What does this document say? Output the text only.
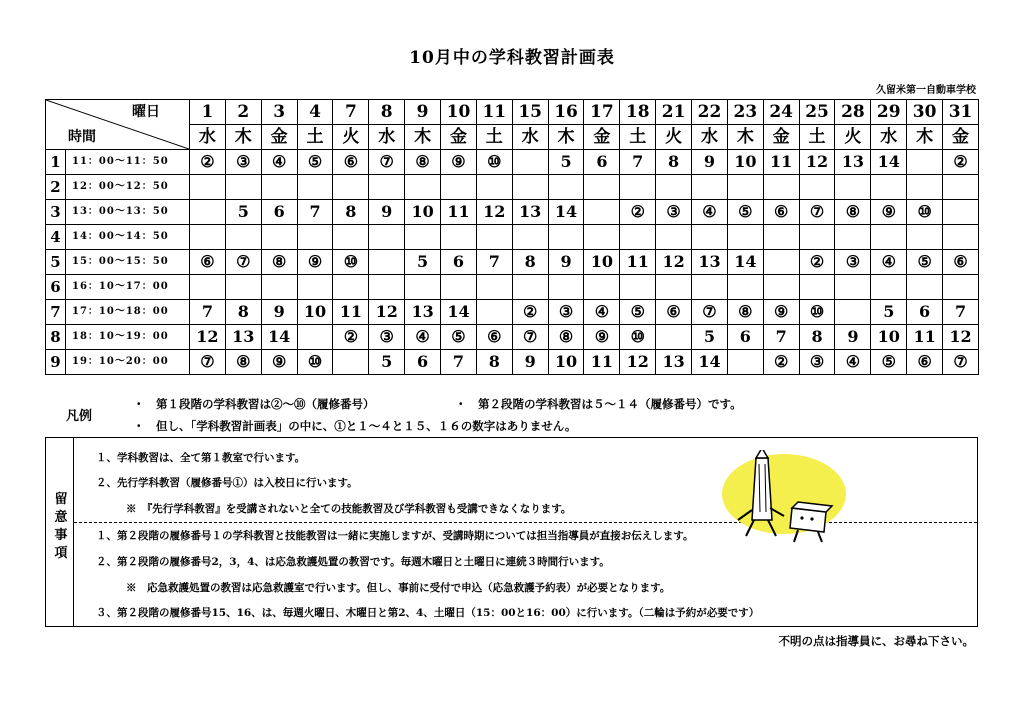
10月中の学科教習計画表
久留米第一自動車学校
曜日
時間		1	2	3	4	7	8	9	10	11	15	16	17	18	21	22	23	24	25	28	29	30	31
		水	木	金	土	火	水	木	金	土	水	木	金	土	火	水	木	金	土	火	水	木	金
1	11：00～11：50	②	③	④	⑤	⑥	⑦	⑧	⑨	⑩		5	6	7	8	9	10	11	12	13	14		②
2	12：00～12：50																						
3	13：00～13：50		5	6	7	8	9	10	11	12	13	14		②	③	④	⑤	⑥	⑦	⑧	⑨	⑩	
4	14：00～14：50																						
5	15：00～15：50	⑥	⑦	⑧	⑨	⑩		5	6	7	8	9	10	11	12	13	14		②	③	④	⑤	⑥
6	16：10～17：00																						
7	17：10～18：00	7	8	9	10	11	12	13	14		②	③	④	⑤	⑥	⑦	⑧	⑨	⑩		5	6	7
8	18：10～19：00	12	13	14		②	③	④	⑤	⑥	⑦	⑧	⑨	⑩		5	6	7	8	9	10	11	12
9	19：10～20：00	⑦	⑧	⑨	⑩		5	6	7	8	9	10	11	12	13	14		②	③	④	⑤	⑥	⑦
凡例
・　第１段階の学科教習は②～⑩（履修番号）	・　第２段階の学科教習は５～１４（履修番号）です。
・　但し、「学科教習計画表」の中に、①と１～４と１５、１６の数字はありません。
留意事項
１、学科教習は、全て第１教室で行います。
２、先行学科教習（履修番号①）は入校日に行います。
※　『先行学科教習』を受講されないと全ての技能教習及び学科教習も受講できなくなります。
１、第２段階の履修番号１の学科教習と技能教習は一緒に実施しますが、受講時期については担当指導員が直接お伝えします。
２、第２段階の履修番号2，3，4、は応急救護処置の教習です。毎週木曜日と土曜日に連続３時間行います。
※　応急救護処置の教習は応急救護室で行います。但し、事前に受付で申込（応急救護予約表）が必要となります。
３、第２段階の履修番号15、16、は、毎週火曜日、木曜日と第2、4、土曜日（15：00と16：00）に行います。（二輪は予約が必要です）
不明の点は指導員に、お尋ね下さい。
